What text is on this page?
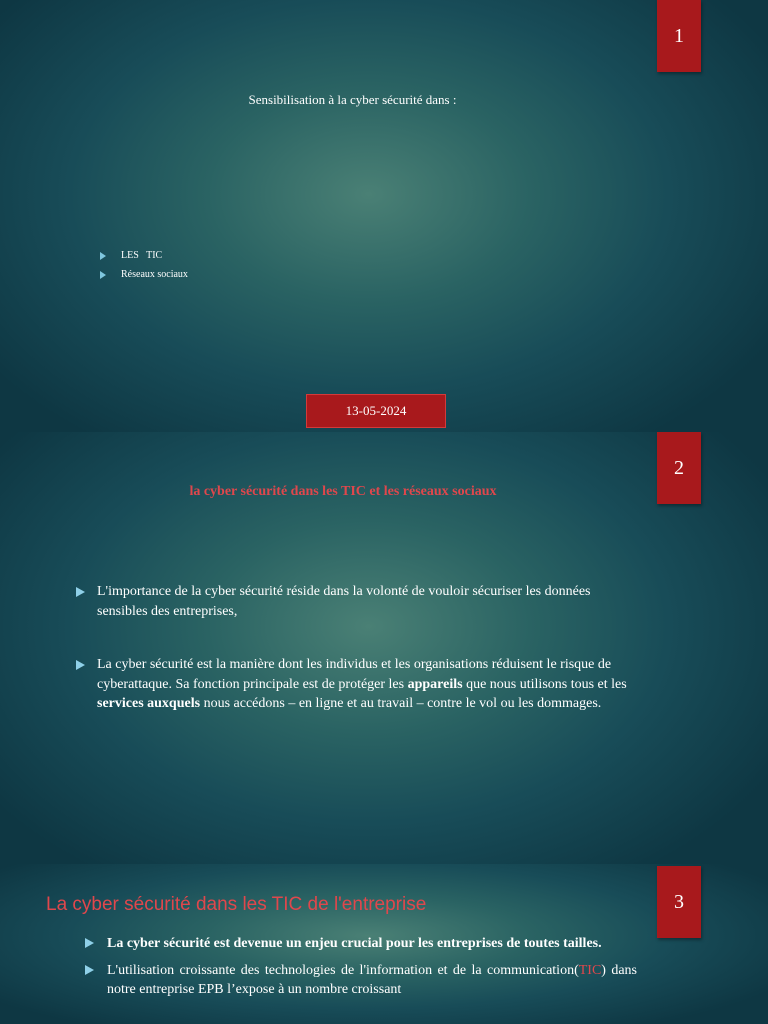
1
Sensibilisation à la cyber sécurité dans :
LES   TIC
Réseaux sociaux
13-05-2024
2
la cyber sécurité dans les TIC et les réseaux sociaux
L'importance de la cyber sécurité réside dans la volonté de vouloir sécuriser les données sensibles des entreprises,
La cyber sécurité est la manière dont les individus et les organisations réduisent le risque de cyberattaque. Sa fonction principale est de protéger les appareils que nous utilisons tous et les services auxquels nous accédons – en ligne et au travail – contre le vol ou les dommages.
3
La cyber sécurité dans les TIC de l'entreprise
La cyber sécurité est devenue un enjeu crucial pour les entreprises de toutes tailles.
L'utilisation croissante des technologies de l'information et de la communication(TIC) dans notre entreprise EPB l’expose à un nombre croissant
